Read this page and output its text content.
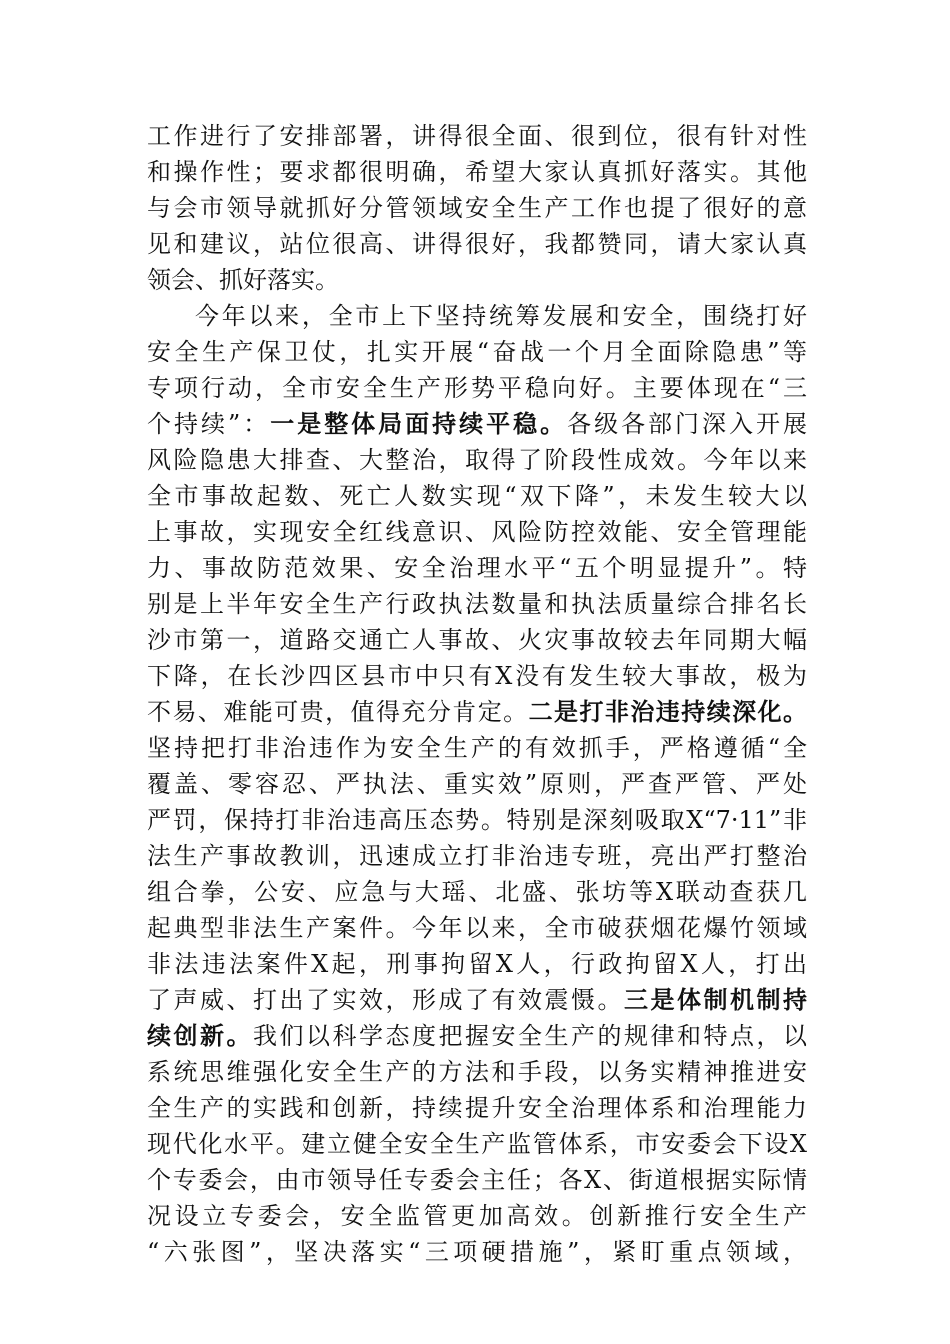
工作进行了安排部署，讲得很全面、很到位，很有针对性
和操作性；要求都很明确，希望大家认真抓好落实。其他
与会市领导就抓好分管领域安全生产工作也提了很好的意
见和建议，站位很高、讲得很好，我都赞同，请大家认真
领会、抓好落实。
今年以来，全市上下坚持统筹发展和安全，围绕打好
安全生产保卫仗，扎实开展“奋战一个月全面除隐患”等
专项行动，全市安全生产形势平稳向好。主要体现在“三
个持续”：一是整体局面持续平稳。各级各部门深入开展
风险隐患大排查、大整治，取得了阶段性成效。今年以来
全市事故起数、死亡人数实现“双下降”，未发生较大以
上事故，实现安全红线意识、风险防控效能、安全管理能
力、事故防范效果、安全治理水平“五个明显提升”。特
别是上半年安全生产行政执法数量和执法质量综合排名长
沙市第一，道路交通亡人事故、火灾事故较去年同期大幅
下降，在长沙四区县市中只有X没有发生较大事故，极为
不易、难能可贵，值得充分肯定。二是打非治违持续深化。
坚持把打非治违作为安全生产的有效抓手，严格遵循“全
覆盖、零容忍、严执法、重实效”原则，严查严管、严处
严罚，保持打非治违高压态势。特别是深刻吸取X“7·11”非
法生产事故教训，迅速成立打非治违专班，亮出严打整治
组合拳，公安、应急与大瑶、北盛、张坊等X联动查获几
起典型非法生产案件。今年以来，全市破获烟花爆竹领域
非法违法案件X起，刑事拘留X人，行政拘留X人，打出
了声威、打出了实效，形成了有效震慑。三是体制机制持
续创新。我们以科学态度把握安全生产的规律和特点，以
系统思维强化安全生产的方法和手段，以务实精神推进安
全生产的实践和创新，持续提升安全治理体系和治理能力
现代化水平。建立健全安全生产监管体系，市安委会下设X
个专委会，由市领导任专委会主任；各X、街道根据实际情
况设立专委会，安全监管更加高效。创新推行安全生产
“六张图”，坚决落实“三项硬措施”，紧盯重点领域，
